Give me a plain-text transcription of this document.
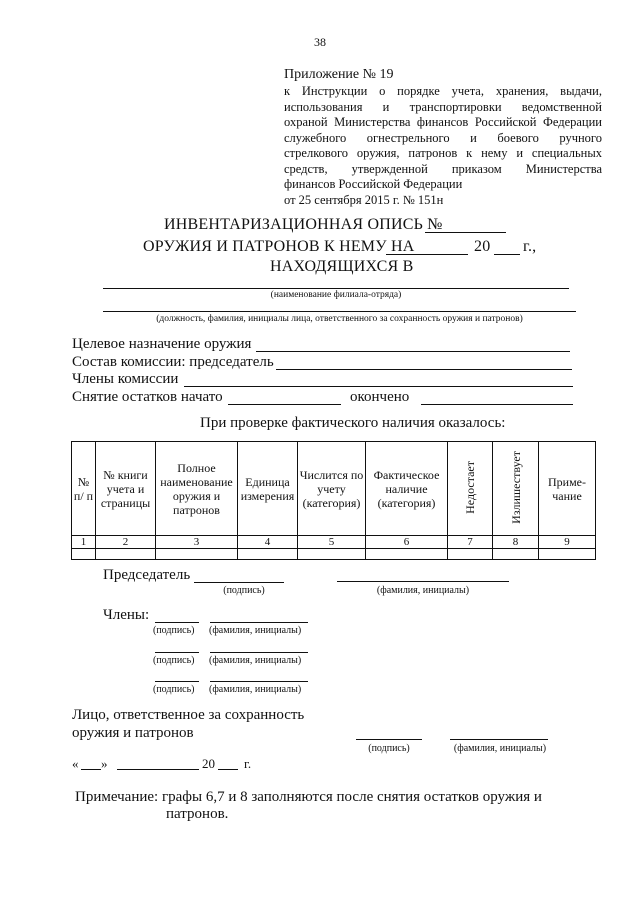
38
Приложение № 19
к Инструкции о порядке учета, хранения, выдачи,
использования и транспортировки ведомственной
охраной Министерства финансов Российской Федерации
служебного огнестрельного и боевого ручного
стрелкового оружия, патронов к нему и специальных
средств, утвержденной приказом Министерства
финансов Российской Федерации
от 25 сентября 2015 г. № 151н
ИНВЕНТАРИЗАЦИОННАЯ ОПИСЬ №
ОРУЖИЯ И ПАТРОНОВ К НЕМУ НА	20 г.,
НАХОДЯЩИХСЯ В
(наименование филиала-отряда)
(должность, фамилия, инициалы лица, ответственного за сохранность оружия и патронов)
Целевое назначение оружия
Состав комиссии: председатель
Члены комиссии
Снятие остатков начато	окончено
При проверке фактического наличия оказалось:
№ п/ п	№ книги учета и страницы	Полное наименование оружия и патронов	Единица измерения	Числится по учету (категория)	Фактическое наличие (категория)	Недостает	Излишествует	Приме-чание
1	2	3	4	5	6	7	8	9

Председатель
(подпись)	(фамилия, инициалы)
Члены:
(подпись) (фамилия, инициалы)
(подпись) (фамилия, инициалы)
(подпись) (фамилия, инициалы)
Лицо, ответственное за сохранность
оружия и патронов
(подпись)	(фамилия, инициалы)
« »	20 г.
Примечание: графы 6,7 и 8 заполняются после снятия остатков оружия и
патронов.
